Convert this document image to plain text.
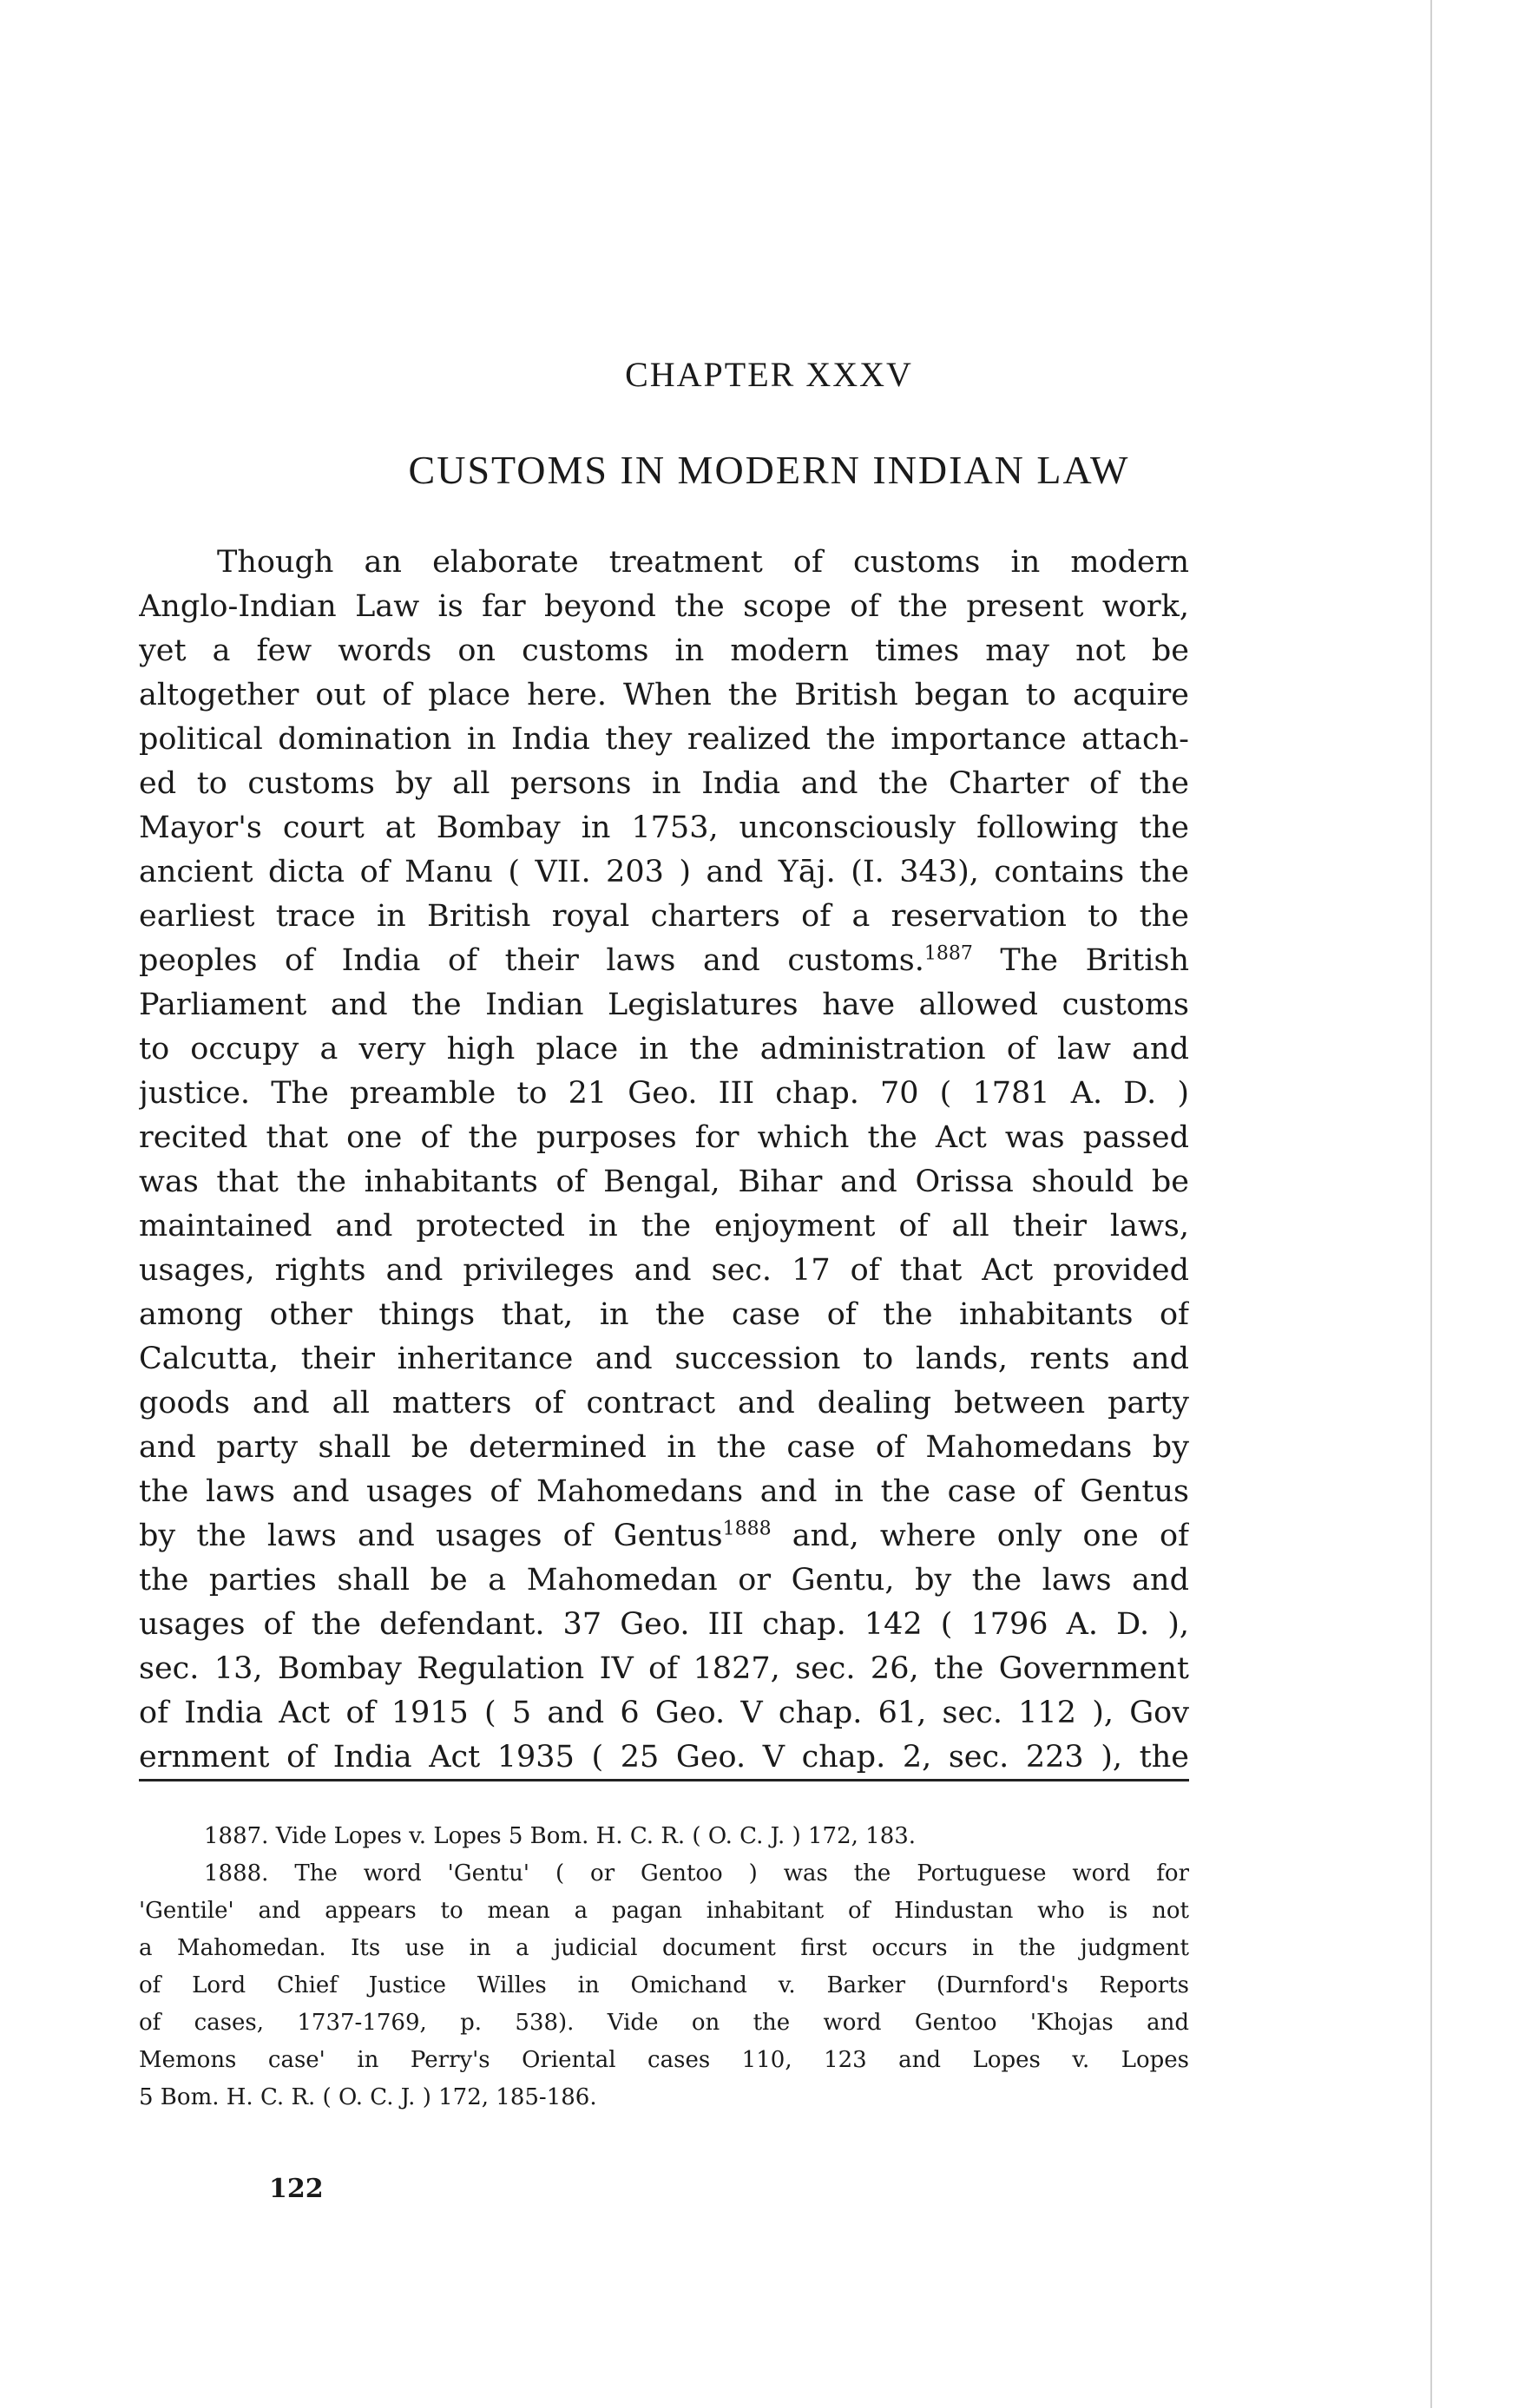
CHAPTER XXXV
CUSTOMS IN MODERN INDIAN LAW
Though an elaborate treatment of customs in modern
Anglo-Indian Law is far beyond the scope of the present work,
yet a few words on customs in modern times may not be
altogether out of place here. When the British began to acquire
political domination in India they realized the importance attach-
ed to customs by all persons in India and the Charter of the
Mayor's court at Bombay in 1753, unconsciously following the
ancient dicta of Manu ( VII. 203 ) and Yāj. (I. 343), contains the
earliest trace in British royal charters of a reservation to the
peoples of India of their laws and customs.$^{1887}$ The British
Parliament and the Indian Legislatures have allowed customs
to occupy a very high place in the administration of law and
justice. The preamble to 21 Geo. III chap. 70 ( 1781 A. D. )
recited that one of the purposes for which the Act was passed
was that the inhabitants of Bengal, Bihar and Orissa should be
maintained and protected in the enjoyment of all their laws,
usages, rights and privileges and sec. 17 of that Act provided
among other things that, in the case of the inhabitants of
Calcutta, their inheritance and succession to lands, rents and
goods and all matters of contract and dealing between party
and party shall be determined in the case of Mahomedans by
the laws and usages of Mahomedans and in the case of Gentus
by the laws and usages of Gentus$^{1888}$ and, where only one of
the parties shall be a Mahomedan or Gentu, by the laws and
usages of the defendant. 37 Geo. III chap. 142 ( 1796 A. D. ),
sec. 13, Bombay Regulation IV of 1827, sec. 26, the Government
of India Act of 1915 ( 5 and 6 Geo. V chap. 61, sec. 112 ), Gov
ernment of India Act 1935 ( 25 Geo. V chap. 2, sec. 223 ), the
1887. Vide Lopes v. Lopes 5 Bom. H. C. R. ( O. C. J. ) 172, 183.
1888. The word 'Gentu' ( or Gentoo ) was the Portuguese word for
'Gentile' and appears to mean a pagan inhabitant of Hindustan who is not
a Mahomedan. Its use in a judicial document first occurs in the judgment
of Lord Chief Justice Willes in Omichand v. Barker (Durnford's Reports
of cases, 1737-1769, p. 538). Vide on the word Gentoo 'Khojas and
Memons case' in Perry's Oriental cases 110, 123 and Lopes v. Lopes
5 Bom. H. C. R. ( O. C. J. ) 172, 185-186.
122
